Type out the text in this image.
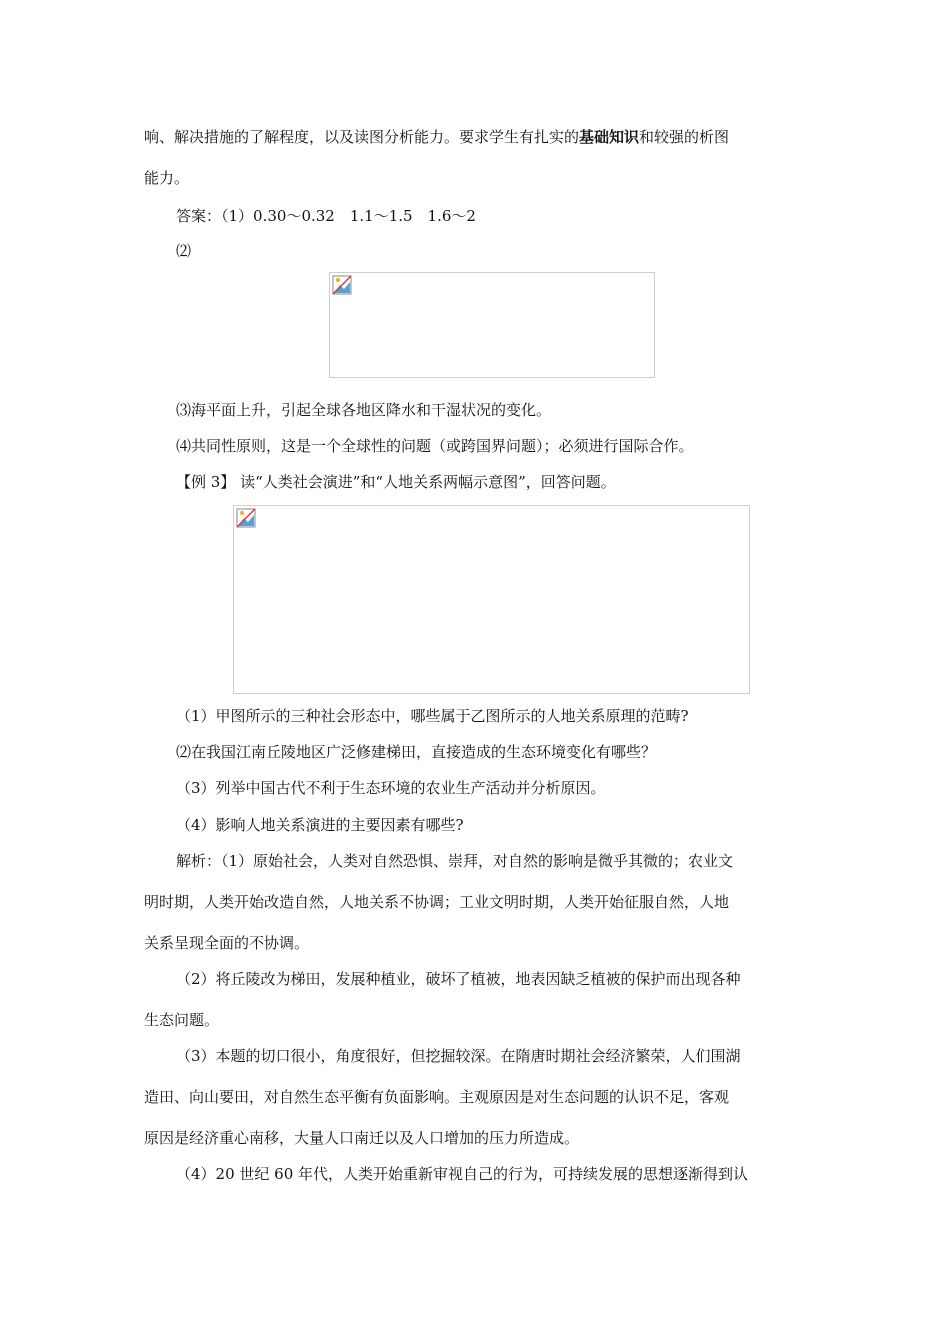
响、解决措施的了解程度，以及读图分析能力。要求学生有扎实的基础知识和较强的析图
能力。
答案：（1）0.30～0.32　1.1～1.5　1.6～2
⑵
⑶海平面上升，引起全球各地区降水和干湿状况的变化。
⑷共同性原则，这是一个全球性的问题（或跨国界问题）；必须进行国际合作。
【例 3】 读“人类社会演进”和“人地关系两幅示意图”，回答问题。
（1）甲图所示的三种社会形态中，哪些属于乙图所示的人地关系原理的范畴?
⑵在我国江南丘陵地区广泛修建梯田，直接造成的生态环境变化有哪些？
（3）列举中国古代不利于生态环境的农业生产活动并分析原因。
（4）影响人地关系演进的主要因素有哪些?
解析：（1）原始社会，人类对自然恐惧、崇拜，对自然的影响是微乎其微的；农业文
明时期，人类开始改造自然，人地关系不协调；工业文明时期，人类开始征服自然，人地
关系呈现全面的不协调。
（2）将丘陵改为梯田，发展种植业，破坏了植被，地表因缺乏植被的保护而出现各种
生态问题。
（3）本题的切口很小，角度很好，但挖掘较深。在隋唐时期社会经济繁荣，人们围湖
造田、向山要田，对自然生态平衡有负面影响。主观原因是对生态问题的认识不足，客观
原因是经济重心南移，大量人口南迁以及人口增加的压力所造成。
（4）20 世纪 60 年代，人类开始重新审视自己的行为，可持续发展的思想逐渐得到认
